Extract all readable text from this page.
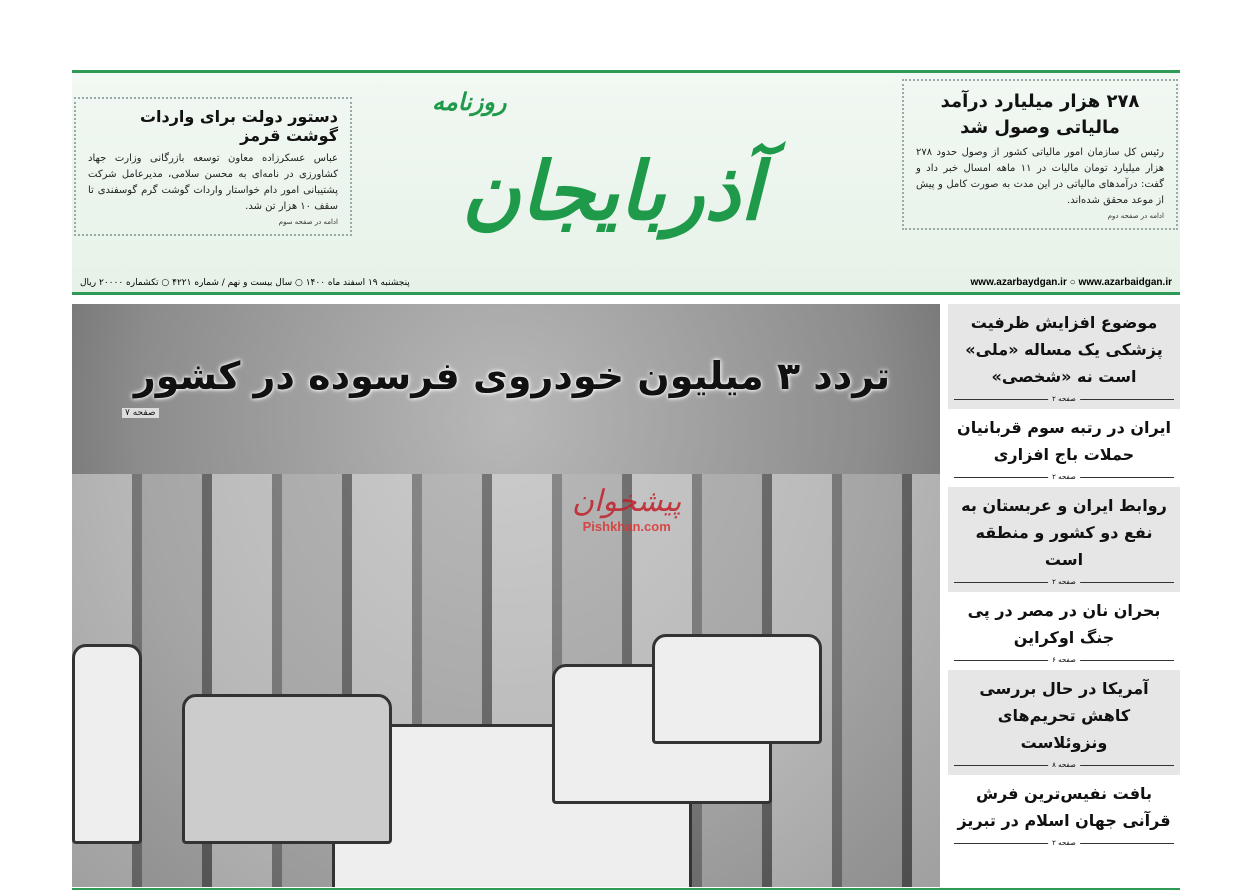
دستور دولت برای واردات گوشت قرمز

عباس عسکرزاده معاون توسعه بازرگانی وزارت جهاد کشاورزی در نامه‌ای به محسن سلامی، مدیرعامل شرکت پشتیبانی امور دام خواستار واردات گوشت گرم گوسفندی تا سقف ۱۰ هزار تن شد.

ادامه در صفحه سوم
روزنامه
آذربایجان
۲۷۸ هزار میلیارد درآمد مالیاتی وصول شد

رئیس کل سازمان امور مالیاتی کشور از وصول حدود ۲۷۸ هزار میلیارد تومان مالیات در ۱۱ ماهه امسال خبر داد و گفت: درآمدهای مالیاتی در این مدت به صورت کامل و پیش از موعد محقق شده‌اند.

ادامه در صفحه دوم
پنجشنبه ۱۹ اسفند ماه ۱۴۰۰ ○ سال بیست و نهم / شماره ۴۲۲۱ ○ تکشماره ۲۰۰۰۰ ریال	www.azarbaydgan.ir ○ www.azarbaidgan.ir
تردد ۳ میلیون خودروی فرسوده در کشور
صفحه ۷
پیشخوان
Pishkhan.com
موضوع افزایش ظرفیت پزشکی یک مساله «ملی» است نه «شخصی»
صفحه ۲
ایران در رتبه سوم قربانیان حملات باج افزاری
صفحه ۲
روابط ایران و عربستان به نفع دو کشور و منطقه است
صفحه ۲
بحران نان در مصر در پی جنگ اوکراین
صفحه ۶
آمریکا در حال بررسی کاهش تحریم‌های ونزوئلاست
صفحه ۸
بافت نفیس‌ترین فرش قرآنی جهان اسلام در تبریز
صفحه ۲
